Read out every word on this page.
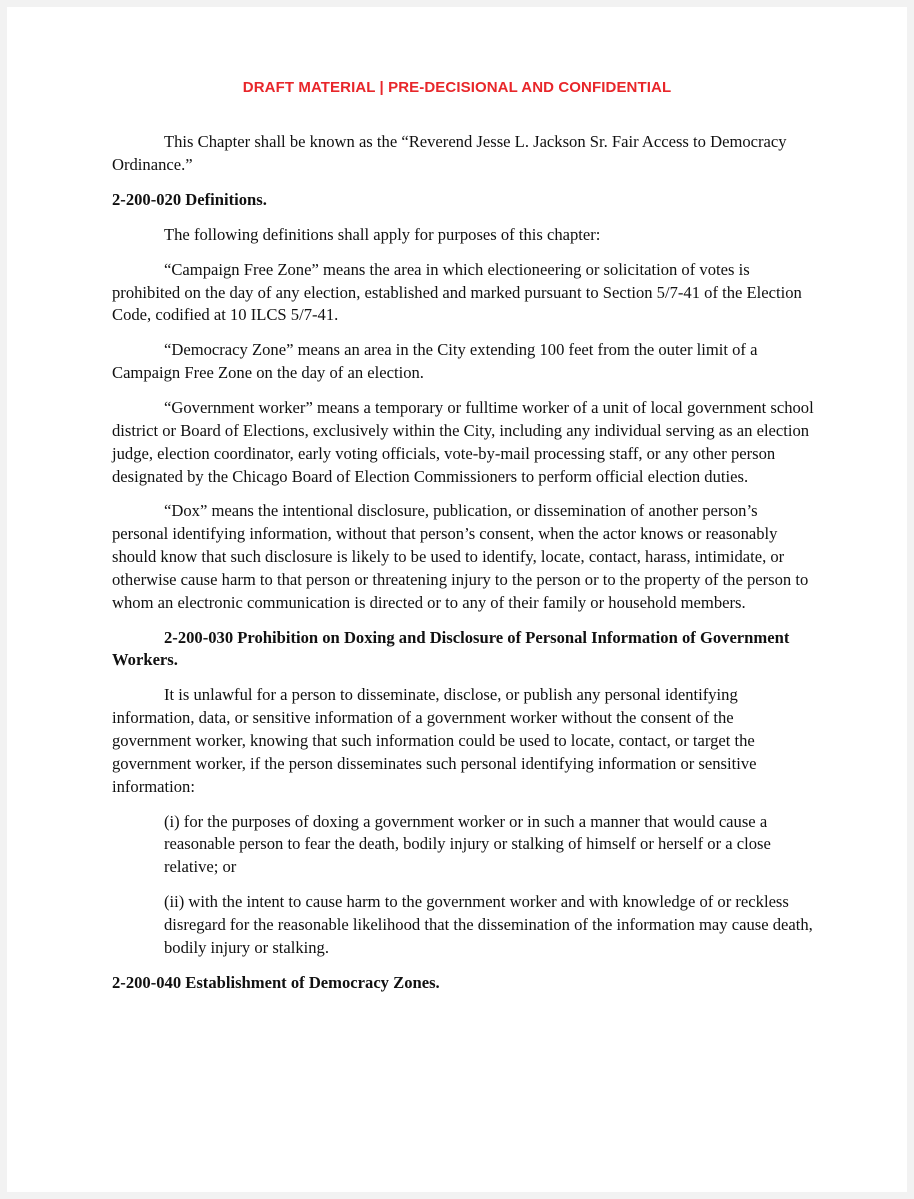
DRAFT MATERIAL | PRE-DECISIONAL AND CONFIDENTIAL

This Chapter shall be known as the “Reverend Jesse L. Jackson Sr. Fair Access to Democracy Ordinance.”

2-200-020 Definitions.

The following definitions shall apply for purposes of this chapter:

“Campaign Free Zone” means the area in which electioneering or solicitation of votes is prohibited on the day of any election, established and marked pursuant to Section 5/7-41 of the Election Code, codified at 10 ILCS 5/7-41.

“Democracy Zone” means an area in the City extending 100 feet from the outer limit of a Campaign Free Zone on the day of an election.

“Government worker” means a temporary or fulltime worker of a unit of local government school district or Board of Elections, exclusively within the City, including any individual serving as an election judge, election coordinator, early voting officials, vote-by-mail processing staff, or any other person designated by the Chicago Board of Election Commissioners to perform official election duties.

“Dox” means the intentional disclosure, publication, or dissemination of another person’s personal identifying information, without that person’s consent, when the actor knows or reasonably should know that such disclosure is likely to be used to identify, locate, contact, harass, intimidate, or otherwise cause harm to that person or threatening injury to the person or to the property of the person to whom an electronic communication is directed or to any of their family or household members.

2-200-030 Prohibition on Doxing and Disclosure of Personal Information of Government Workers.

It is unlawful for a person to disseminate, disclose, or publish any personal identifying information, data, or sensitive information of a government worker without the consent of the government worker, knowing that such information could be used to locate, contact, or target the government worker, if the person disseminates such personal identifying information or sensitive information:

(i) for the purposes of doxing a government worker or in such a manner that would cause a reasonable person to fear the death, bodily injury or stalking of himself or herself or a close relative; or

(ii) with the intent to cause harm to the government worker and with knowledge of or reckless disregard for the reasonable likelihood that the dissemination of the information may cause death, bodily injury or stalking.

2-200-040 Establishment of Democracy Zones.
